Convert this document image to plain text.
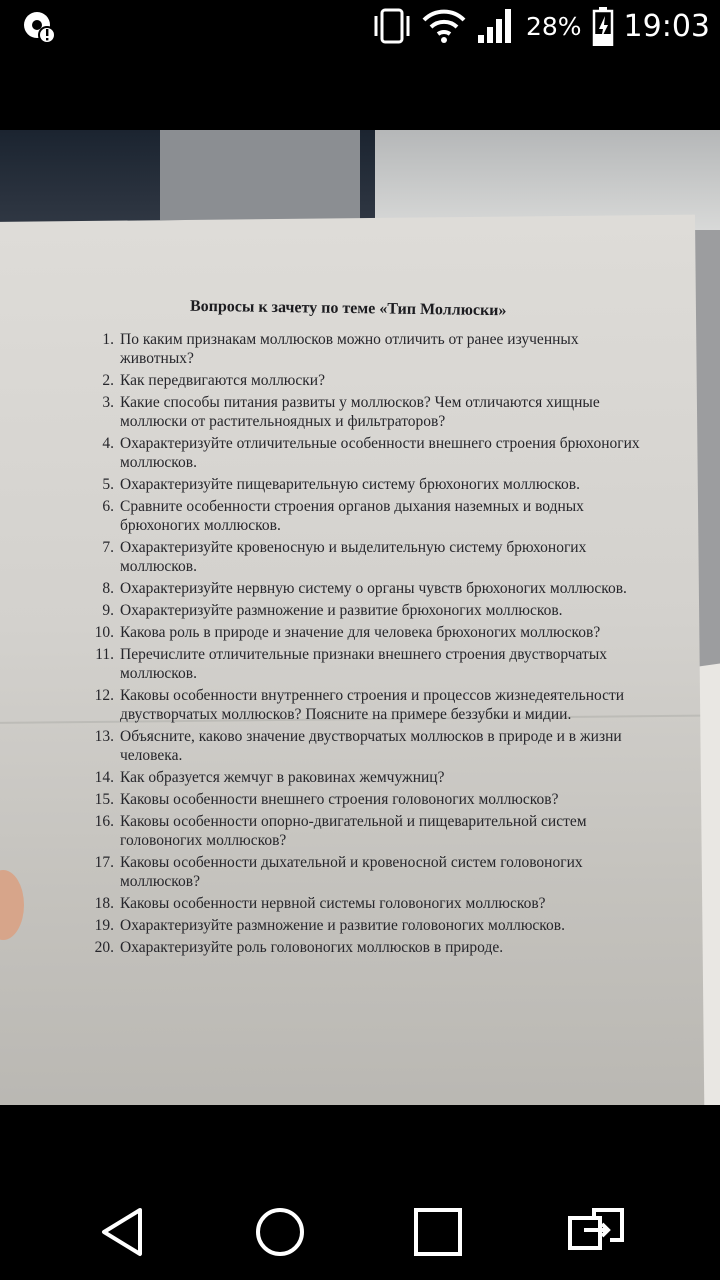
28% 19:03
Вопросы к зачету по теме «Тип Моллюски»
1. По каким признакам моллюсков можно отличить от ранее изученных животных?
2. Как передвигаются моллюски?
3. Какие способы питания развиты у моллюсков? Чем отличаются хищные моллюски от растительноядных и фильтраторов?
4. Охарактеризуйте отличительные особенности внешнего строения брюхоногих моллюсков.
5. Охарактеризуйте пищеварительную систему брюхоногих моллюсков.
6. Сравните особенности строения органов дыхания наземных и водных брюхоногих моллюсков.
7. Охарактеризуйте кровеносную и выделительную систему брюхоногих моллюсков.
8. Охарактеризуйте нервную систему о органы чувств брюхоногих моллюсков.
9. Охарактеризуйте размножение и развитие брюхоногих моллюсков.
10. Какова роль в природе и значение для человека брюхоногих моллюсков?
11. Перечислите отличительные признаки внешнего строения двустворчатых моллюсков.
12. Каковы особенности внутреннего строения и процессов жизнедеятельности двустворчатых моллюсков? Поясните на примере беззубки и мидии.
13. Объясните, каково значение двустворчатых моллюсков в природе и в жизни человека.
14. Как образуется жемчуг в раковинах жемчужниц?
15. Каковы особенности внешнего строения головоногих моллюсков?
16. Каковы особенности опорно-двигательной и пищеварительной систем головоногих моллюсков?
17. Каковы особенности дыхательной и кровеносной систем головоногих моллюсков?
18. Каковы особенности нервной системы головоногих моллюсков?
19. Охарактеризуйте размножение и развитие головоногих моллюсков.
20. Охарактеризуйте роль головоногих моллюсков в природе.
